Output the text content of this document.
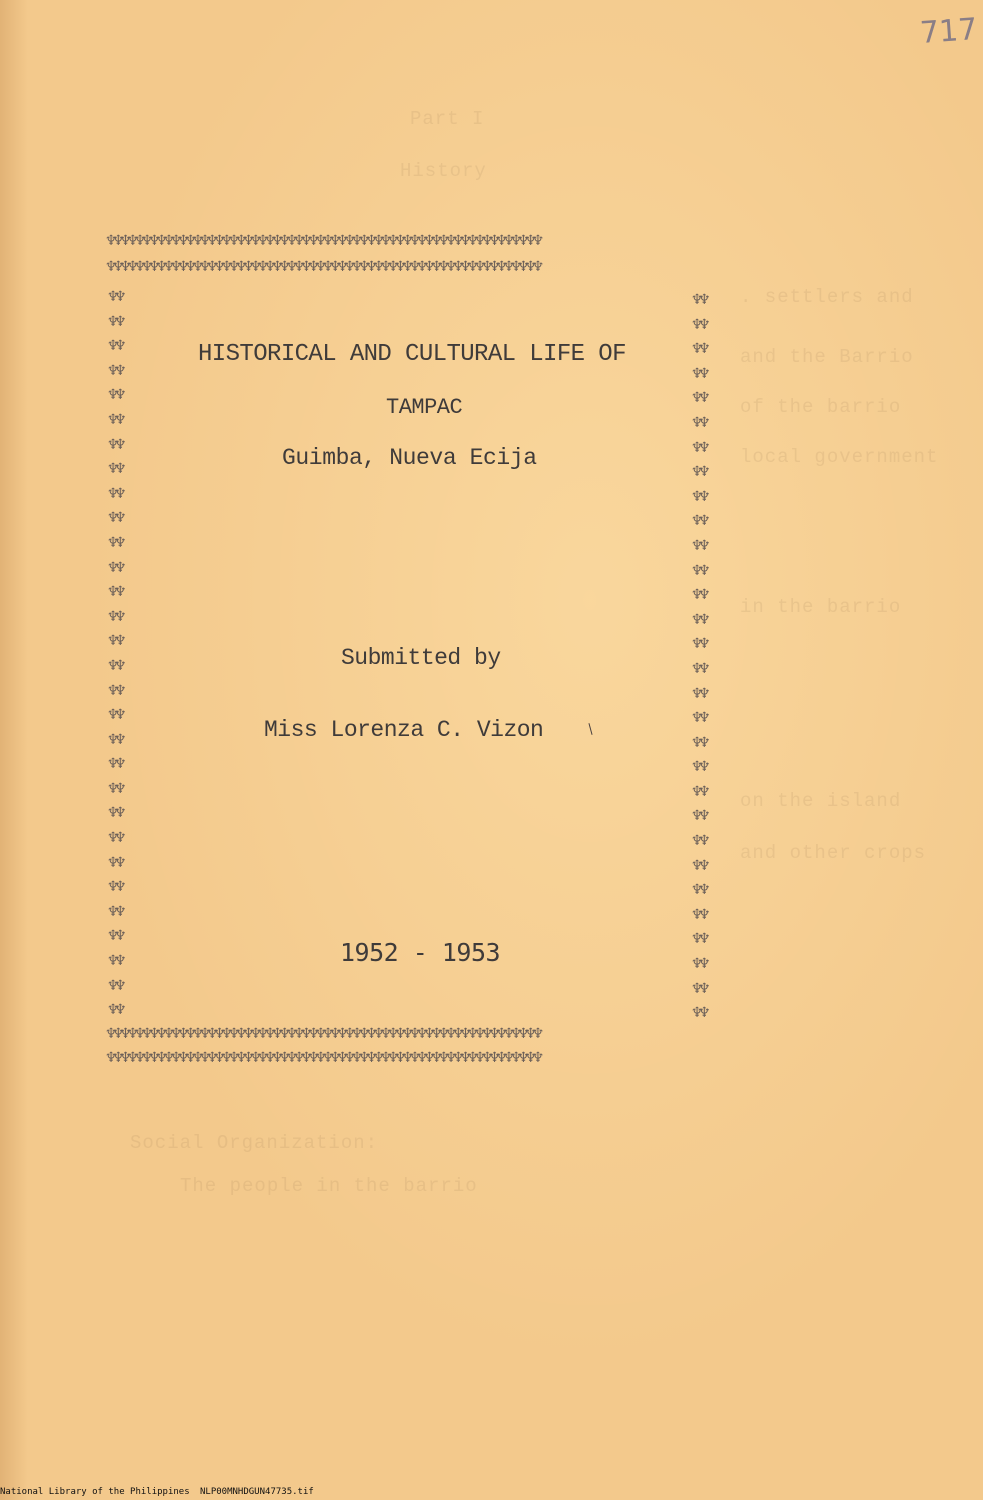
Part I
History
. settlers and
and the Barrio
of the barrio
local government
in the barrio
on the island
and other crops
Social Organization:
The people in the barrio
717
♆♆♆♆♆♆♆♆♆♆♆♆♆♆♆♆♆♆♆♆♆♆♆♆♆♆♆♆♆♆♆♆♆♆♆♆♆♆♆♆♆♆♆♆♆♆♆♆♆♆♆♆♆♆♆♆♆♆♆♆
♆♆♆♆♆♆♆♆♆♆♆♆♆♆♆♆♆♆♆♆♆♆♆♆♆♆♆♆♆♆♆♆♆♆♆♆♆♆♆♆♆♆♆♆♆♆♆♆♆♆♆♆♆♆♆♆♆♆♆♆
♆♆♆♆♆♆♆♆♆♆♆♆♆♆♆♆♆♆♆♆♆♆♆♆♆♆♆♆♆♆♆♆♆♆♆♆♆♆♆♆♆♆♆♆♆♆♆♆♆♆♆♆♆♆♆♆♆♆♆♆
♆♆♆♆♆♆♆♆♆♆♆♆♆♆♆♆♆♆♆♆♆♆♆♆♆♆♆♆♆♆♆♆♆♆♆♆♆♆♆♆♆♆♆♆♆♆♆♆♆♆♆♆♆♆♆♆♆♆♆♆
♆♆
♆♆
♆♆
♆♆
♆♆
♆♆
♆♆
♆♆
♆♆
♆♆
♆♆
♆♆
♆♆
♆♆
♆♆
♆♆
♆♆
♆♆
♆♆
♆♆
♆♆
♆♆
♆♆
♆♆
♆♆
♆♆
♆♆
♆♆
♆♆
♆♆

♆♆
♆♆
♆♆
♆♆
♆♆
♆♆
♆♆
♆♆
♆♆
♆♆
♆♆
♆♆
♆♆
♆♆
♆♆
♆♆
♆♆
♆♆
♆♆
♆♆
♆♆
♆♆
♆♆
♆♆
♆♆
♆♆
♆♆
♆♆
♆♆
♆♆

HISTORICAL AND CULTURAL LIFE OF
TAMPAC
Guimba, Nueva Ecija
Submitted by
Miss Lorenza C. Vizon
1952 - 1953
National Library of the Philippines NLP00MNHDGUN47735.tif
